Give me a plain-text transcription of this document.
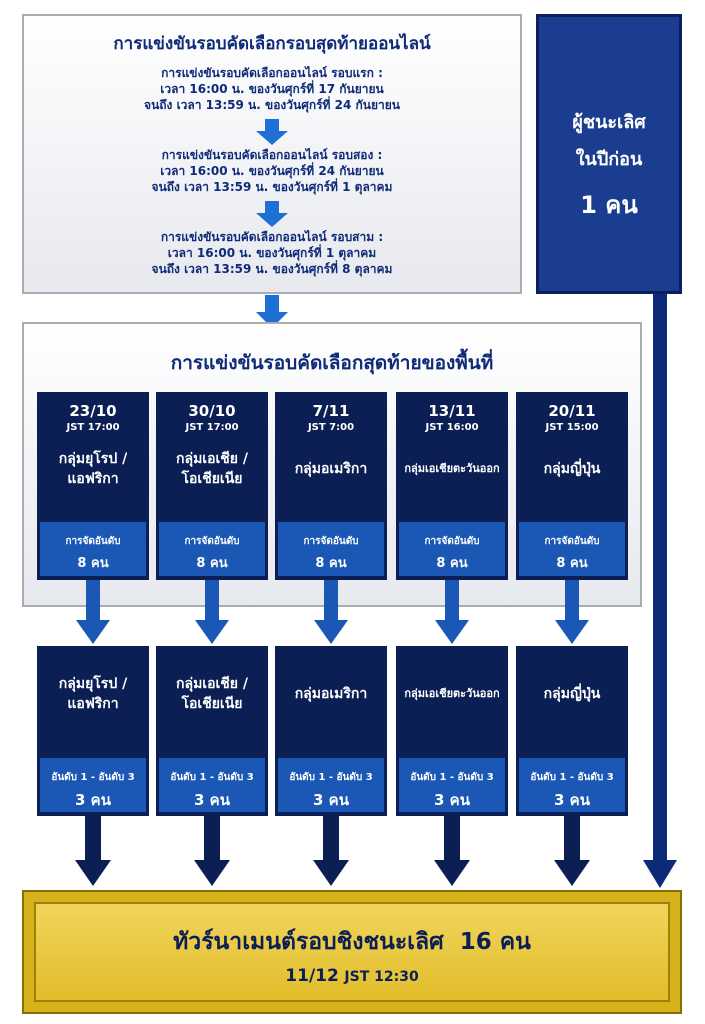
การแข่งขันรอบคัดเลือกรอบสุดท้ายออนไลน์
การแข่งขันรอบคัดเลือกออนไลน์ รอบแรก :
เวลา 16:00 น. ของวันศุกร์ที่ 17 กันยายน
จนถึง เวลา 13:59 น. ของวันศุกร์ที่ 24 กันยายน
การแข่งขันรอบคัดเลือกออนไลน์ รอบสอง :
เวลา 16:00 น. ของวันศุกร์ที่ 24 กันยายน
จนถึง เวลา 13:59 น. ของวันศุกร์ที่ 1 ตุลาคม
การแข่งขันรอบคัดเลือกออนไลน์ รอบสาม :
เวลา 16:00 น. ของวันศุกร์ที่ 1 ตุลาคม
จนถึง เวลา 13:59 น. ของวันศุกร์ที่ 8 ตุลาคม
ผู้ชนะเลิศ
ในปีก่อน
1 คน
การแข่งขันรอบคัดเลือกสุดท้ายของพื้นที่
23/10
JST 17:00
กลุ่มยุโรป /
แอฟริกา
การจัดอันดับ
8 คน
30/10
JST 17:00
กลุ่มเอเชีย /
โอเชียเนีย
การจัดอันดับ
8 คน
7/11
JST 7:00
กลุ่มอเมริกา
การจัดอันดับ
8 คน
13/11
JST 16:00
กลุ่มเอเชียตะวันออก
การจัดอันดับ
8 คน
20/11
JST 15:00
กลุ่มญี่ปุ่น
การจัดอันดับ
8 คน
กลุ่มยุโรป /
แอฟริกา
อันดับ 1 - อันดับ 3
3 คน
กลุ่มเอเชีย /
โอเชียเนีย
อันดับ 1 - อันดับ 3
3 คน
กลุ่มอเมริกา
อันดับ 1 - อันดับ 3
3 คน
กลุ่มเอเชียตะวันออก
อันดับ 1 - อันดับ 3
3 คน
กลุ่มญี่ปุ่น
อันดับ 1 - อันดับ 3
3 คน
ทัวร์นาเมนต์รอบชิงชนะเลิศ  16 คน
11/12 JST 12:30
